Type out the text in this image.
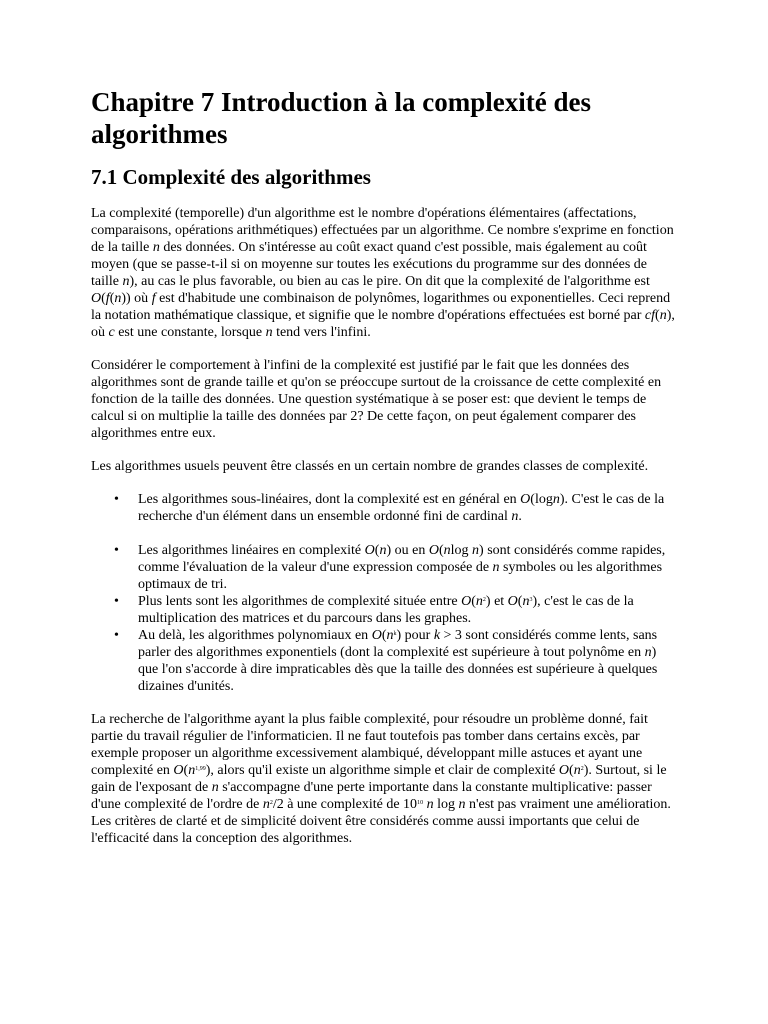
Chapitre 7 Introduction à la complexité des algorithmes
7.1 Complexité des algorithmes

La complexité (temporelle) d'un algorithme est le nombre d'opérations élémentaires (affectations, comparaisons, opérations arithmétiques) effectuées par un algorithme. Ce nombre s'exprime en fonction de la taille n des données. On s'intéresse au coût exact quand c'est possible, mais également au coût moyen (que se passe-t-il si on moyenne sur toutes les exécutions du programme sur des données de taille n), au cas le plus favorable, ou bien au cas le pire. On dit que la complexité de l'algorithme est O(f(n)) où f est d'habitude une combinaison de polynômes, logarithmes ou exponentielles. Ceci reprend la notation mathématique classique, et signifie que le nombre d'opérations effectuées est borné par cf(n), où c est une constante, lorsque n tend vers l'infini.

Considérer le comportement à l'infini de la complexité est justifié par le fait que les données des algorithmes sont de grande taille et qu'on se préoccupe surtout de la croissance de cette complexité en fonction de la taille des données. Une question systématique à se poser est: que devient le temps de calcul si on multiplie la taille des données par 2? De cette façon, on peut également comparer des algorithmes entre eux.

Les algorithmes usuels peuvent être classés en un certain nombre de grandes classes de complexité.

• Les algorithmes sous-linéaires, dont la complexité est en général en O(logn). C'est le cas de la recherche d'un élément dans un ensemble ordonné fini de cardinal n.
• Les algorithmes linéaires en complexité O(n) ou en O(nlog n) sont considérés comme rapides, comme l'évaluation de la valeur d'une expression composée de n symboles ou les algorithmes optimaux de tri.
• Plus lents sont les algorithmes de complexité située entre $O(n^2)$ et $O(n^3)$, c'est le cas de la multiplication des matrices et du parcours dans les graphes.
• Au delà, les algorithmes polynomiaux en $O(n^k)$ pour k > 3 sont considérés comme lents, sans parler des algorithmes exponentiels (dont la complexité est supérieure à tout polynôme en n) que l'on s'accorde à dire impraticables dès que la taille des données est supérieure à quelques dizaines d'unités.

La recherche de l'algorithme ayant la plus faible complexité, pour résoudre un problème donné, fait partie du travail régulier de l'informaticien. Il ne faut toutefois pas tomber dans certains excès, par exemple proposer un algorithme excessivement alambiqué, développant mille astuces et ayant une complexité en $O(n^{1,99})$, alors qu'il existe un algorithme simple et clair de complexité $O(n^2)$. Surtout, si le gain de l'exposant de n s'accompagne d'une perte importante dans la constante multiplicative: passer d'une complexité de l'ordre de $n^2/2$ à une complexité de $10^{10}$ n log n n'est pas vraiment une amélioration. Les critères de clarté et de simplicité doivent être considérés comme aussi importants que celui de l'efficacité dans la conception des algorithmes.
